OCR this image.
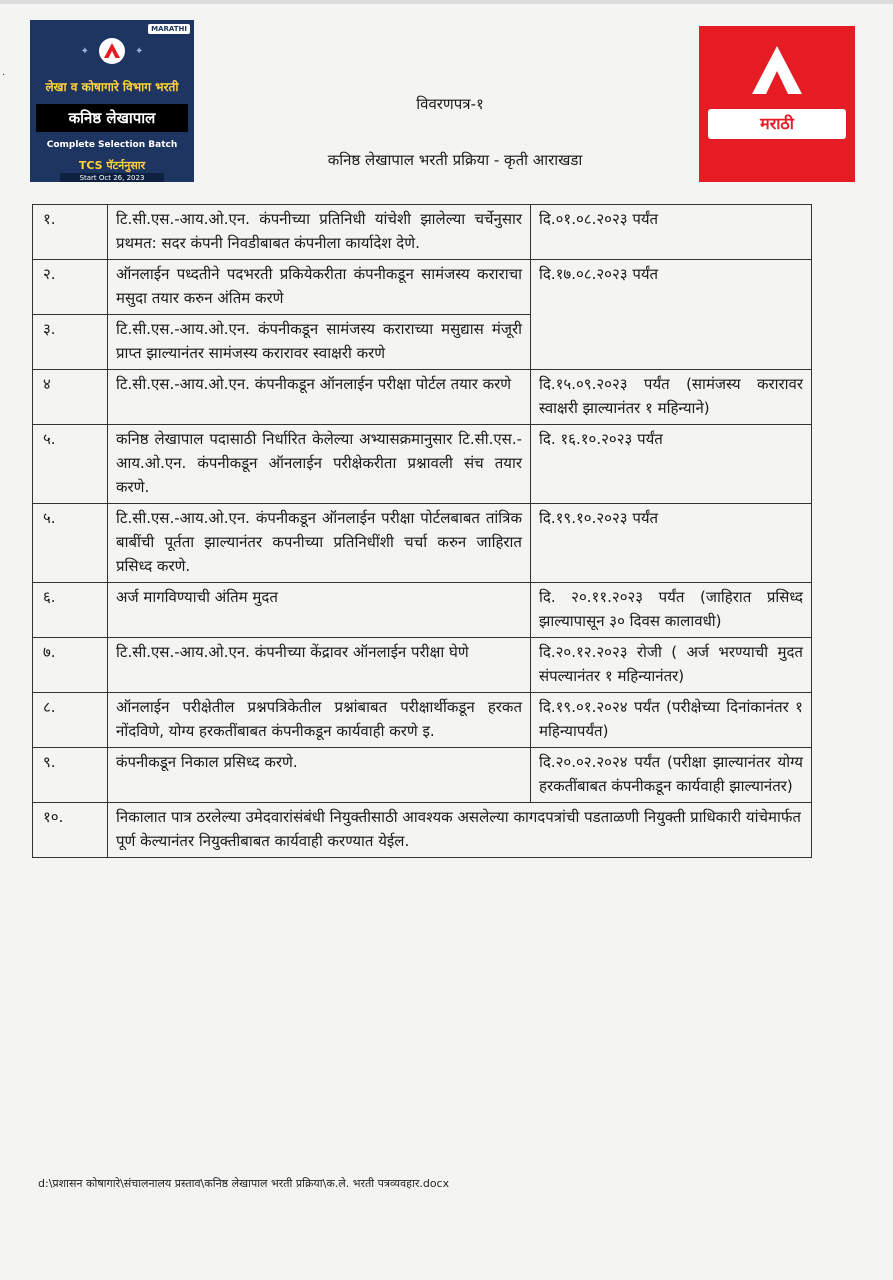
·
MARATHI
✦	✦
लेखा व कोषागारे विभाग भरती
कनिष्ठ लेखापाल
Complete Selection Batch
TCS पॅटर्ननुसार
Start Oct 26, 2023
मराठी
विवरणपत्र-१
कनिष्ठ लेखापाल भरती प्रक्रिया - कृती आराखडा
१.	टि.सी.एस.-आय.ओ.एन. कंपनीच्या प्रतिनिधी यांचेशी झालेल्या चर्चेनुसार प्रथमत: सदर कंपनी निवडीबाबत कंपनीला कार्यादेश देणे.	दि.०१.०८.२०२३ पर्यंत
२.	ऑनलाईन पध्दतीने पदभरती प्रकियेकरीता कंपनीकडून सामंजस्य कराराचा मसुदा तयार करुन अंतिम करणे	दि.१७.०८.२०२३ पर्यंत
३.	टि.सी.एस.-आय.ओ.एन. कंपनीकडून सामंजस्य कराराच्या मसुद्यास मंजूरी प्राप्त झाल्यानंतर सामंजस्य करारावर स्वाक्षरी करणे	
४	टि.सी.एस.-आय.ओ.एन. कंपनीकडून ऑनलाईन परीक्षा पोर्टल तयार करणे	दि.१५.०९.२०२३ पर्यंत (सामंजस्य करारावर स्वाक्षरी झाल्यानंतर १ महिन्याने)
५.	कनिष्ठ लेखापाल पदासाठी निर्धारित केलेल्या अभ्यासक्रमानुसार टि.सी.एस.-आय.ओ.एन. कंपनीकडून ऑनलाईन परीक्षेकरीता प्रश्नावली संच तयार करणे.	दि. १६.१०.२०२३ पर्यंत
५.	टि.सी.एस.-आय.ओ.एन. कंपनीकडून ऑनलाईन परीक्षा पोर्टलबाबत तांत्रिक बाबींची पूर्तता झाल्यानंतर कपनीच्या प्रतिनिधींशी चर्चा करुन जाहिरात प्रसिध्द करणे.	दि.१९.१०.२०२३ पर्यंत
६.	अर्ज मागविण्याची अंतिम मुदत	दि. २०.११.२०२३ पर्यंत (जाहिरात प्रसिध्द झाल्यापासून ३० दिवस कालावधी)
७.	टि.सी.एस.-आय.ओ.एन. कंपनीच्या केंद्रावर ऑनलाईन परीक्षा घेणे	दि.२०.१२.२०२३ रोजी ( अर्ज भरण्याची मुदत संपल्यानंतर १ महिन्यानंतर)
८.	ऑनलाईन परीक्षेतील प्रश्नपत्रिकेतील प्रश्नांबाबत परीक्षार्थीकडून हरकत नोंदविणे, योग्य हरकतींबाबत कंपनीकडून कार्यवाही करणे इ.	दि.१९.०१.२०२४ पर्यंत (परीक्षेच्या दिनांकानंतर १ महिन्यापर्यंत)
९.	कंपनीकडून निकाल प्रसिध्द करणे.	दि.२०.०२.२०२४ पर्यंत (परीक्षा झाल्यानंतर योग्य हरकतींबाबत कंपनीकडून कार्यवाही झाल्यानंतर)
१०.	निकालात पात्र ठरलेल्या उमेदवारांसंबंधी नियुक्तीसाठी आवश्यक असलेल्या कागदपत्रांची पडताळणी नियुक्ती प्राधिकारी यांचेमार्फत पूर्ण केल्यानंतर नियुक्तीबाबत कार्यवाही करण्यात येईल.	
d:\प्रशासन कोषागारे\संचालनालय प्रस्ताव\कनिष्ठ लेखापाल भरती प्रक्रिया\क.ले. भरती पत्रव्यवहार.docx
